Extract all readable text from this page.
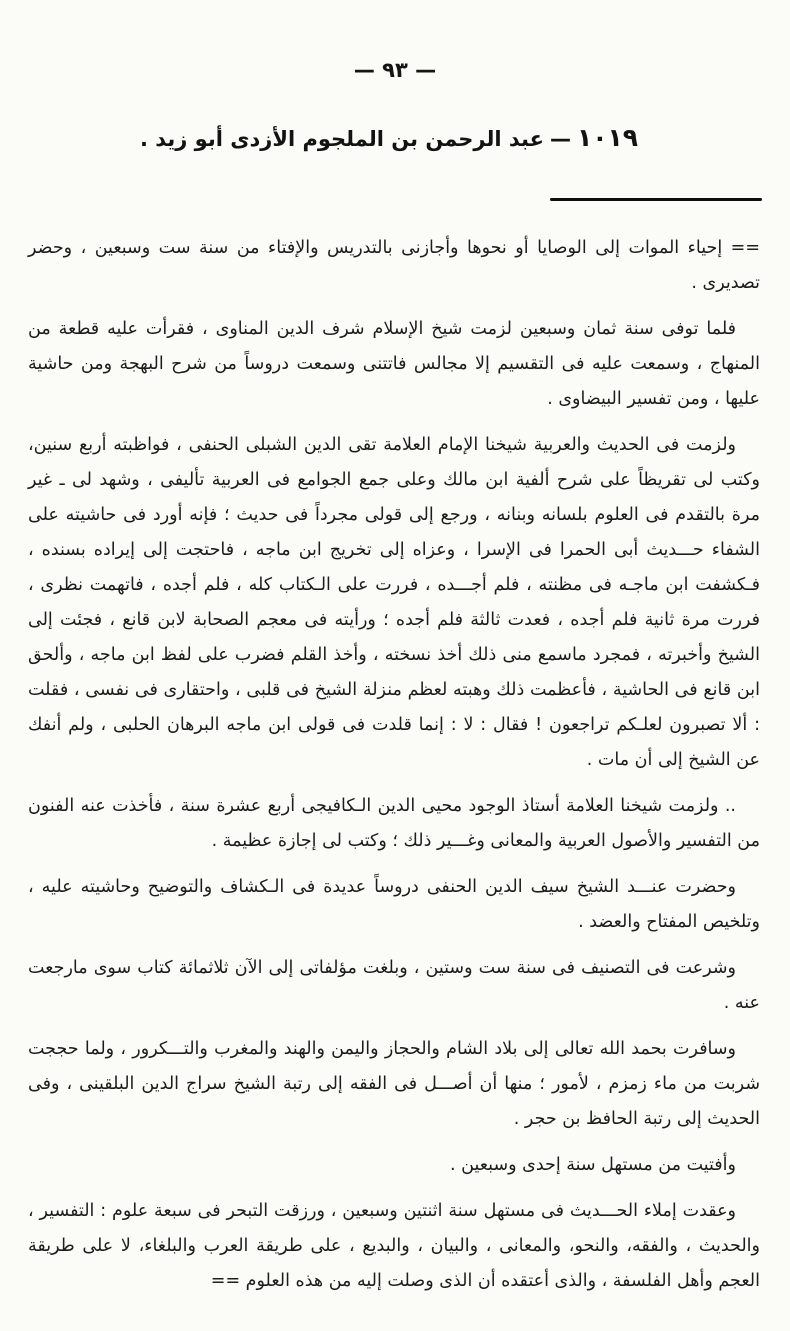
— ٩٣ —
١٠١٩—عبد الرحمن بن الملجوم الأزدى أبو زيد .

== إحياء الموات إلى الوصايا أو نحوها وأجازنى بالتدريس والإفتاء من سنة ست وسبعين ، وحضر تصديرى .

فلما توفى سنة ثمان وسبعين لزمت شيخ الإسلام شرف الدين المناوى ، فقرأت عليه قطعة من المنهاج ، وسمعت عليه فى التقسيم إلا مجالس فاتتنى وسمعت دروساً من شرح البهجة ومن حاشية عليها ، ومن تفسير البيضاوى .

ولزمت فى الحديث والعربية شيخنا الإمام العلامة تقى الدين الشبلى الحنفى ، فواظبته أربع سنين، وكتب لى تقريظاً على شرح ألفية ابن مالك وعلى جمع الجوامع فى العربية تأليفى ، وشهد لى ـ غير مرة بالتقدم فى العلوم بلسانه وبنانه ، ورجع إلى قولى مجرداً فى حديث ؛ فإنه أورد فى حاشيته على الشفاء حـــديث أبى الحمرا فى الإسرا ، وعزاه إلى تخريج ابن ماجه ، فاحتجت إلى إيراده بسنده ، فـكشفت ابن ماجـه فى مظنته ، فلم أجـــده ، فررت على الـكتاب كله ، فلم أجده ، فاتهمت نظرى ، فررت مرة ثانية فلم أجده ، فعدت ثالثة فلم أجده ؛ ورأيته فى معجم الصحابة لابن قانع ، فجئت إلى الشيخ وأخبرته ، فمجرد ماسمع منى ذلك أخذ نسخته ، وأخذ القلم فضرب على لفظ ابن ماجه ، وألحق ابن قانع فى الحاشية ، فأعظمت ذلك وهبته لعظم منزلة الشيخ فى قلبى ، واحتقارى فى نفسى ، فقلت : ألا تصبرون لعلـكم تراجعون ! فقال : لا : إنما قلدت فى قولى ابن ماجه البرهان الحلبى ، ولم أنفك عن الشيخ إلى أن مات .

.. ولزمت شيخنا العلامة أستاذ الوجود محيى الدين الـكافيجى أربع عشرة سنة ، فأخذت عنه الفنون من التفسير والأصول العربية والمعانى وغـــير ذلك ؛ وكتب لى إجازة عظيمة .

وحضرت عنـــد الشيخ سيف الدين الحنفى دروساً عديدة فى الـكشاف والتوضيح وحاشيته عليه ، وتلخيص المفتاح والعضد .

وشرعت فى التصنيف فى سنة ست وستين ، وبلغت مؤلفاتى إلى الآن ثلاثمائة كتاب سوى مارجعت عنه .

وسافرت بحمد الله تعالى إلى بلاد الشام والحجاز واليمن والهند والمغرب والتـــكرور ، ولما حججت شربت من ماء زمزم ، لأمور ؛ منها أن أصـــل فى الفقه إلى رتبة الشيخ سراج الدين البلقينى ، وفى الحديث إلى رتبة الحافظ بن حجر .

وأفتيت من مستهل سنة إحدى وسبعين .

وعقدت إملاء الحـــديث فى مستهل سنة اثنتين وسبعين ، ورزقت التبحر فى سبعة علوم : التفسير ، والحديث ، والفقه، والنحو، والمعانى ، والبيان ، والبديع ، على طريقة العرب والبلغاء، لا على طريقة العجم وأهل الفلسفة ، والذى أعتقده أن الذى وصلت إليه من هذه العلوم ==
